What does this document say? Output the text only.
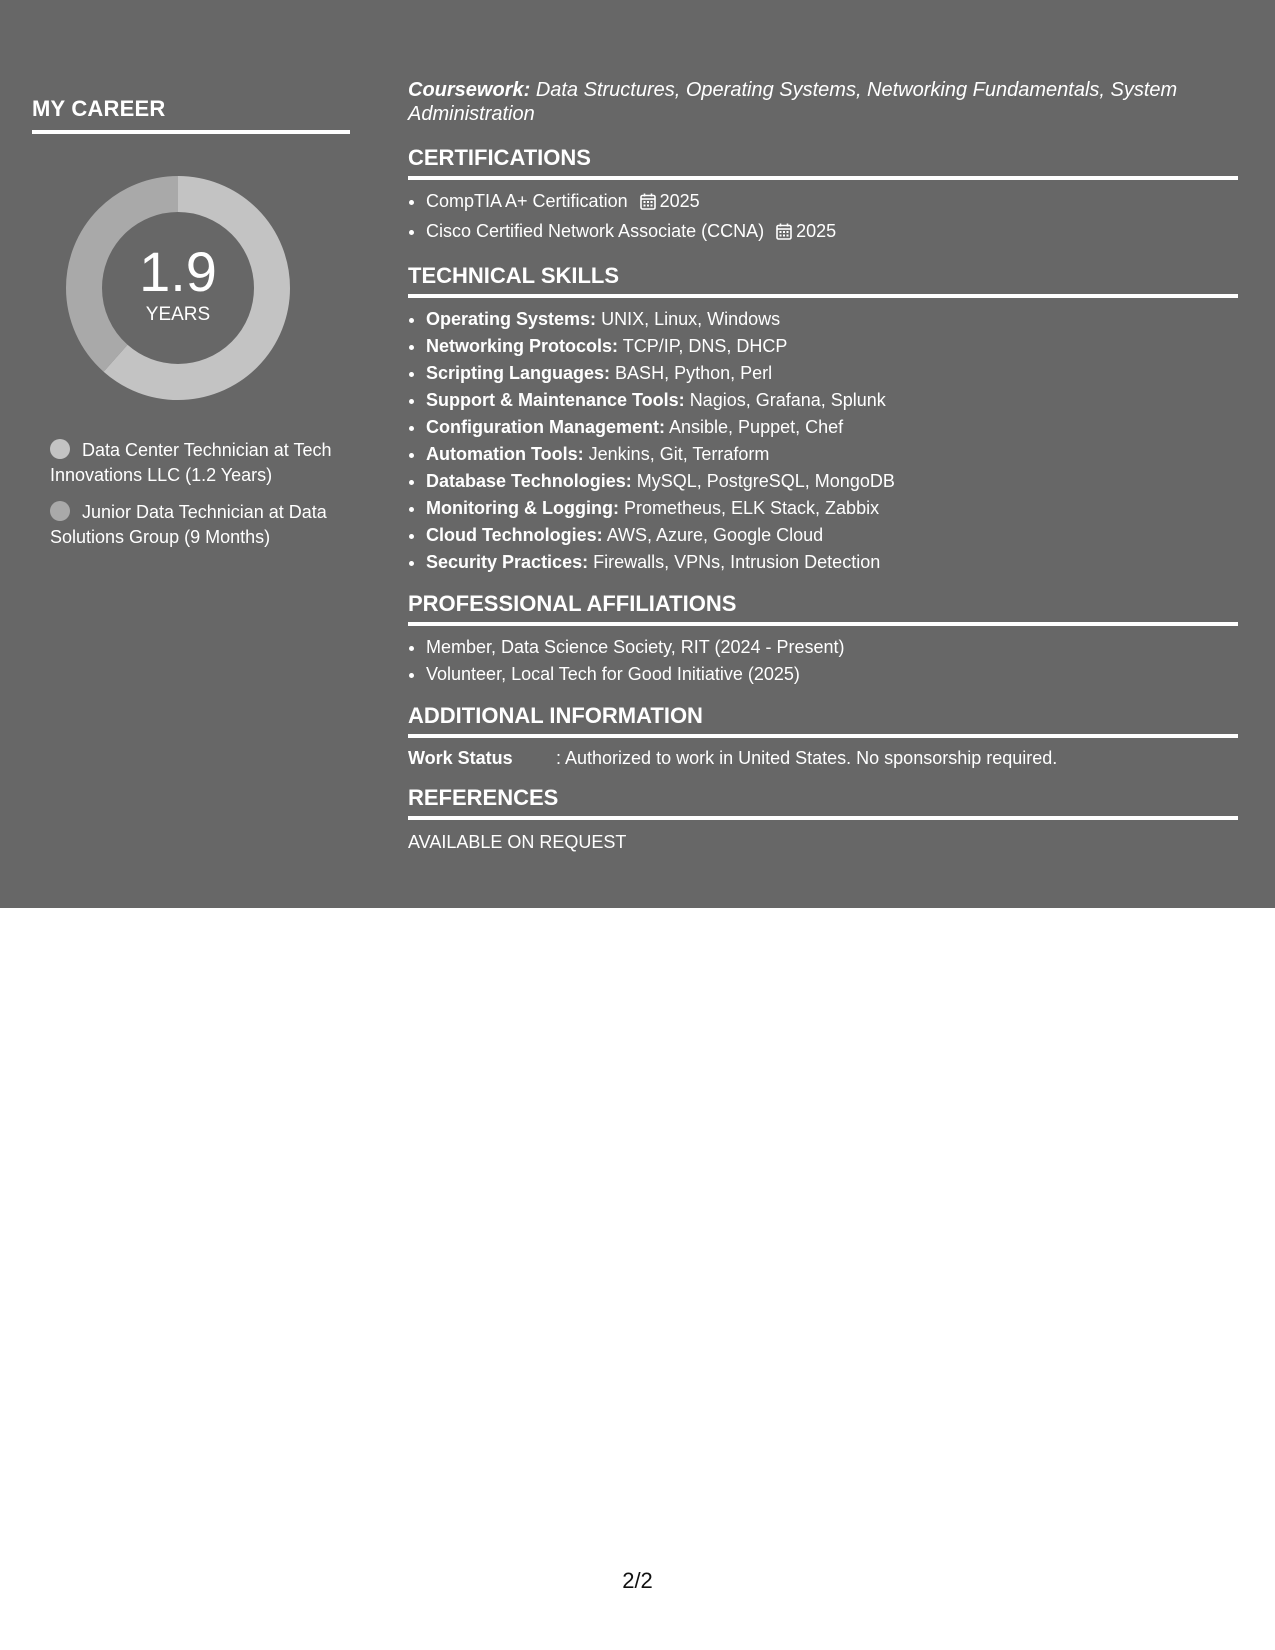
MY CAREER
1.9
YEARS
Data Center Technician at Tech Innovations LLC (1.2 Years)
Junior Data Technician at Data Solutions Group (9 Months)

Coursework: Data Structures, Operating Systems, Networking Fundamentals, System Administration

CERTIFICATIONS
• CompTIA A+ Certification 2025
• Cisco Certified Network Associate (CCNA) 2025
TECHNICAL SKILLS
• Operating Systems: UNIX, Linux, Windows
• Networking Protocols: TCP/IP, DNS, DHCP
• Scripting Languages: BASH, Python, Perl
• Support & Maintenance Tools: Nagios, Grafana, Splunk
• Configuration Management: Ansible, Puppet, Chef
• Automation Tools: Jenkins, Git, Terraform
• Database Technologies: MySQL, PostgreSQL, MongoDB
• Monitoring & Logging: Prometheus, ELK Stack, Zabbix
• Cloud Technologies: AWS, Azure, Google Cloud
• Security Practices: Firewalls, VPNs, Intrusion Detection
PROFESSIONAL AFFILIATIONS
• Member, Data Science Society, RIT (2024 - Present)
• Volunteer, Local Tech for Good Initiative (2025)
ADDITIONAL INFORMATION
Work Status : Authorized to work in United States. No sponsorship required.
REFERENCES
AVAILABLE ON REQUEST
2/2
